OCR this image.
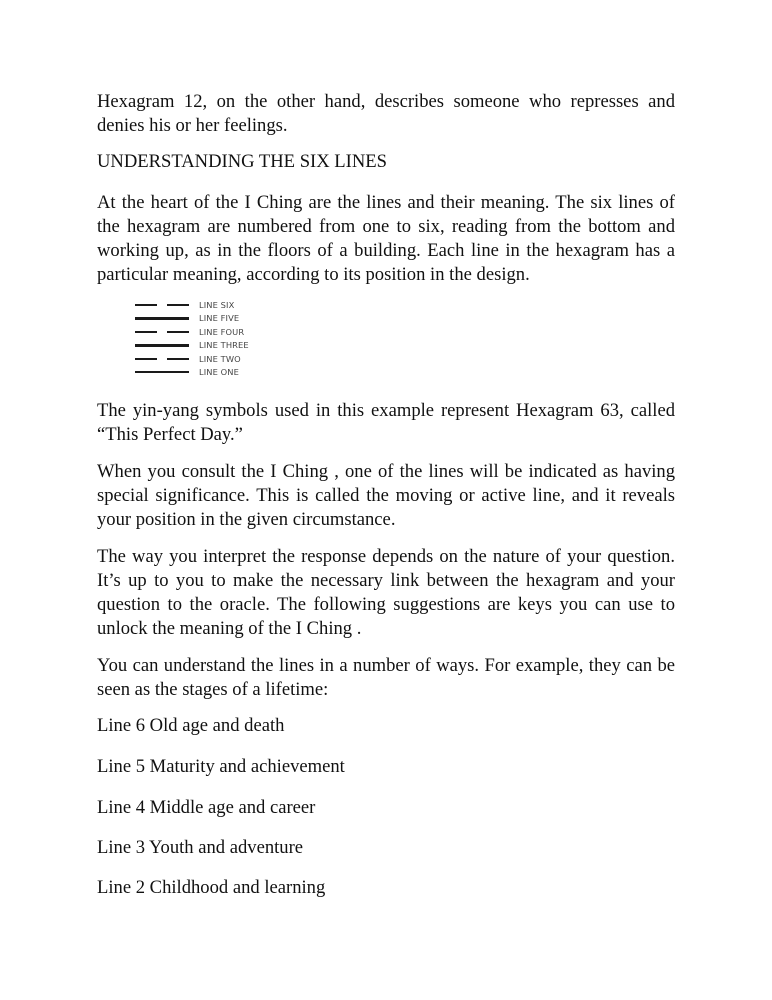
Hexagram 12, on the other hand, describes someone who represses and denies his or her feelings.

UNDERSTANDING THE SIX LINES

At the heart of the I Ching are the lines and their meaning. The six lines of the hexagram are numbered from one to six, reading from the bottom and working up, as in the floors of a building. Each line in the hexagram has a particular meaning, according to its position in the design.

LINE SIX
LINE FIVE
LINE FOUR
LINE THREE
LINE TWO
LINE ONE

The yin-yang symbols used in this example represent Hexagram 63, called “This Perfect Day.”

When you consult the I Ching , one of the lines will be indicated as having special significance. This is called the moving or active line, and it reveals your position in the given circumstance.

The way you interpret the response depends on the nature of your question. It’s up to you to make the necessary link between the hexagram and your question to the oracle. The following suggestions are keys you can use to unlock the meaning of the I Ching .

You can understand the lines in a number of ways. For example, they can be seen as the stages of a lifetime:

Line 6 Old age and death

Line 5 Maturity and achievement

Line 4 Middle age and career

Line 3 Youth and adventure

Line 2 Childhood and learning
